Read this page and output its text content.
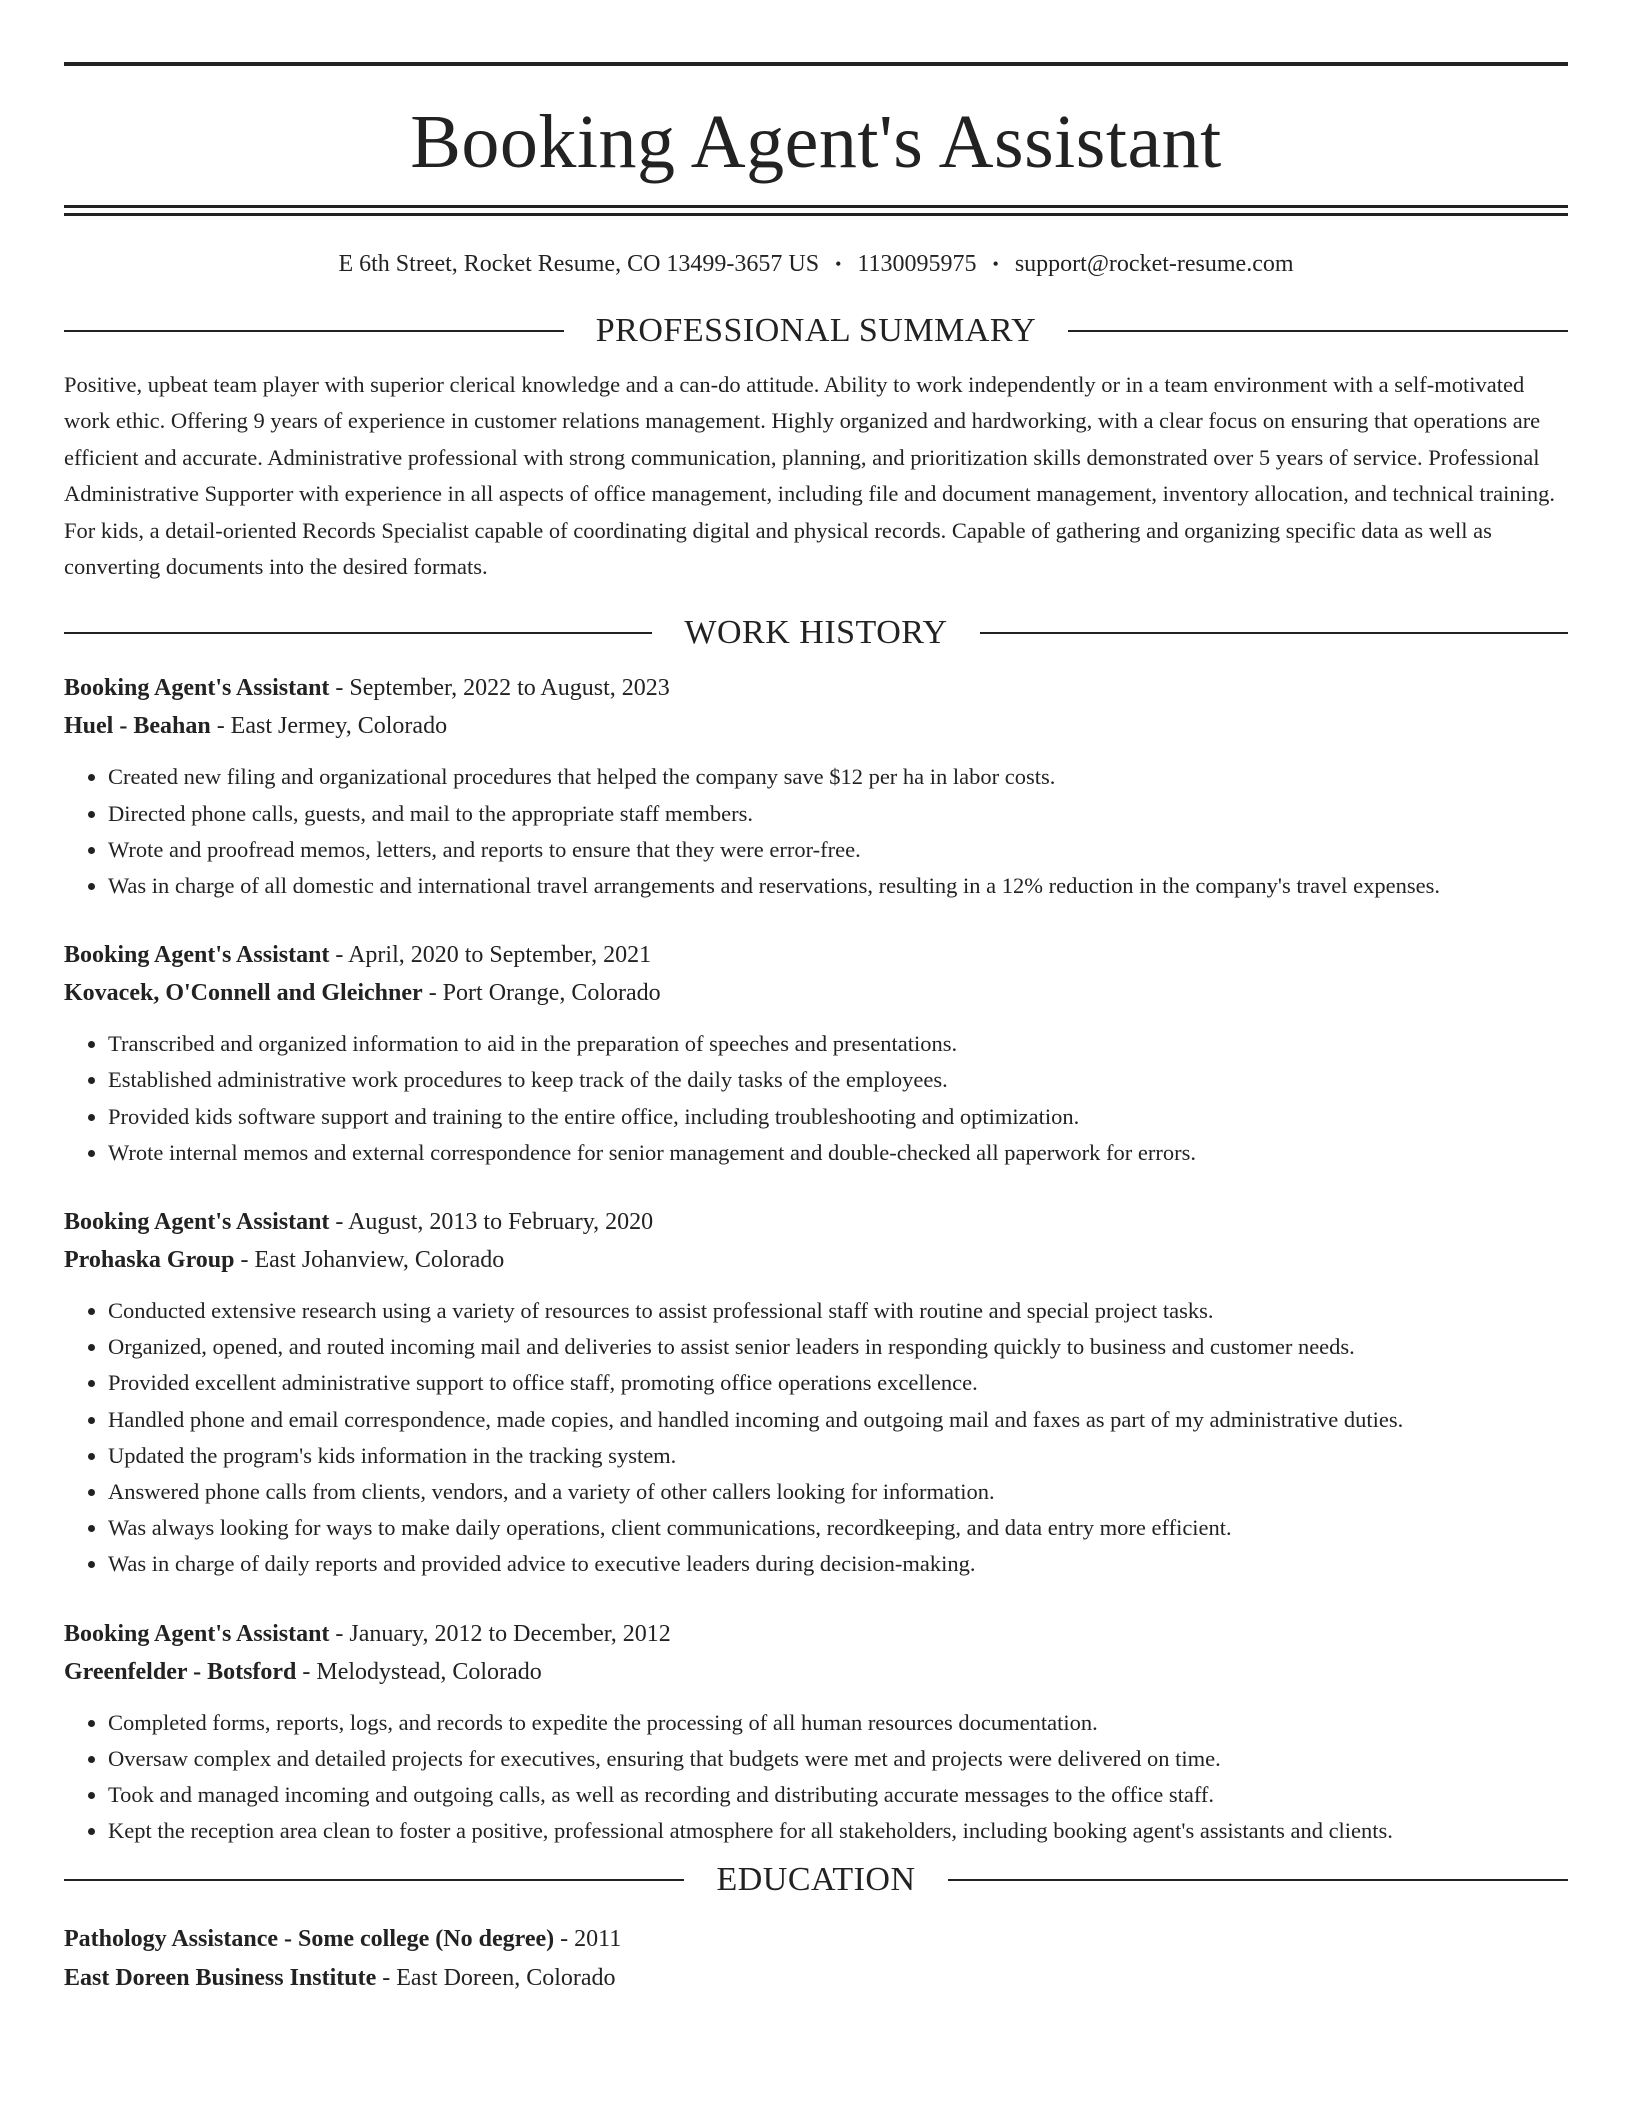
Booking Agent's Assistant
E 6th Street, Rocket Resume, CO 13499-3657 US • 1130095975 • support@rocket-resume.com
PROFESSIONAL SUMMARY
Positive, upbeat team player with superior clerical knowledge and a can-do attitude. Ability to work independently or in a team environment with a self-motivated work ethic. Offering 9 years of experience in customer relations management. Highly organized and hardworking, with a clear focus on ensuring that operations are efficient and accurate. Administrative professional with strong communication, planning, and prioritization skills demonstrated over 5 years of service. Professional Administrative Supporter with experience in all aspects of office management, including file and document management, inventory allocation, and technical training. For kids, a detail-oriented Records Specialist capable of coordinating digital and physical records. Capable of gathering and organizing specific data as well as converting documents into the desired formats.
WORK HISTORY
Booking Agent's Assistant - September, 2022 to August, 2023
Huel - Beahan - East Jermey, Colorado
• Created new filing and organizational procedures that helped the company save $12 per ha in labor costs.
• Directed phone calls, guests, and mail to the appropriate staff members.
• Wrote and proofread memos, letters, and reports to ensure that they were error-free.
• Was in charge of all domestic and international travel arrangements and reservations, resulting in a 12% reduction in the company's travel expenses.
Booking Agent's Assistant - April, 2020 to September, 2021
Kovacek, O'Connell and Gleichner - Port Orange, Colorado
• Transcribed and organized information to aid in the preparation of speeches and presentations.
• Established administrative work procedures to keep track of the daily tasks of the employees.
• Provided kids software support and training to the entire office, including troubleshooting and optimization.
• Wrote internal memos and external correspondence for senior management and double-checked all paperwork for errors.
Booking Agent's Assistant - August, 2013 to February, 2020
Prohaska Group - East Johanview, Colorado
• Conducted extensive research using a variety of resources to assist professional staff with routine and special project tasks.
• Organized, opened, and routed incoming mail and deliveries to assist senior leaders in responding quickly to business and customer needs.
• Provided excellent administrative support to office staff, promoting office operations excellence.
• Handled phone and email correspondence, made copies, and handled incoming and outgoing mail and faxes as part of my administrative duties.
• Updated the program's kids information in the tracking system.
• Answered phone calls from clients, vendors, and a variety of other callers looking for information.
• Was always looking for ways to make daily operations, client communications, recordkeeping, and data entry more efficient.
• Was in charge of daily reports and provided advice to executive leaders during decision-making.
Booking Agent's Assistant - January, 2012 to December, 2012
Greenfelder - Botsford - Melodystead, Colorado
• Completed forms, reports, logs, and records to expedite the processing of all human resources documentation.
• Oversaw complex and detailed projects for executives, ensuring that budgets were met and projects were delivered on time.
• Took and managed incoming and outgoing calls, as well as recording and distributing accurate messages to the office staff.
• Kept the reception area clean to foster a positive, professional atmosphere for all stakeholders, including booking agent's assistants and clients.
EDUCATION
Pathology Assistance - Some college (No degree) - 2011
East Doreen Business Institute - East Doreen, Colorado
